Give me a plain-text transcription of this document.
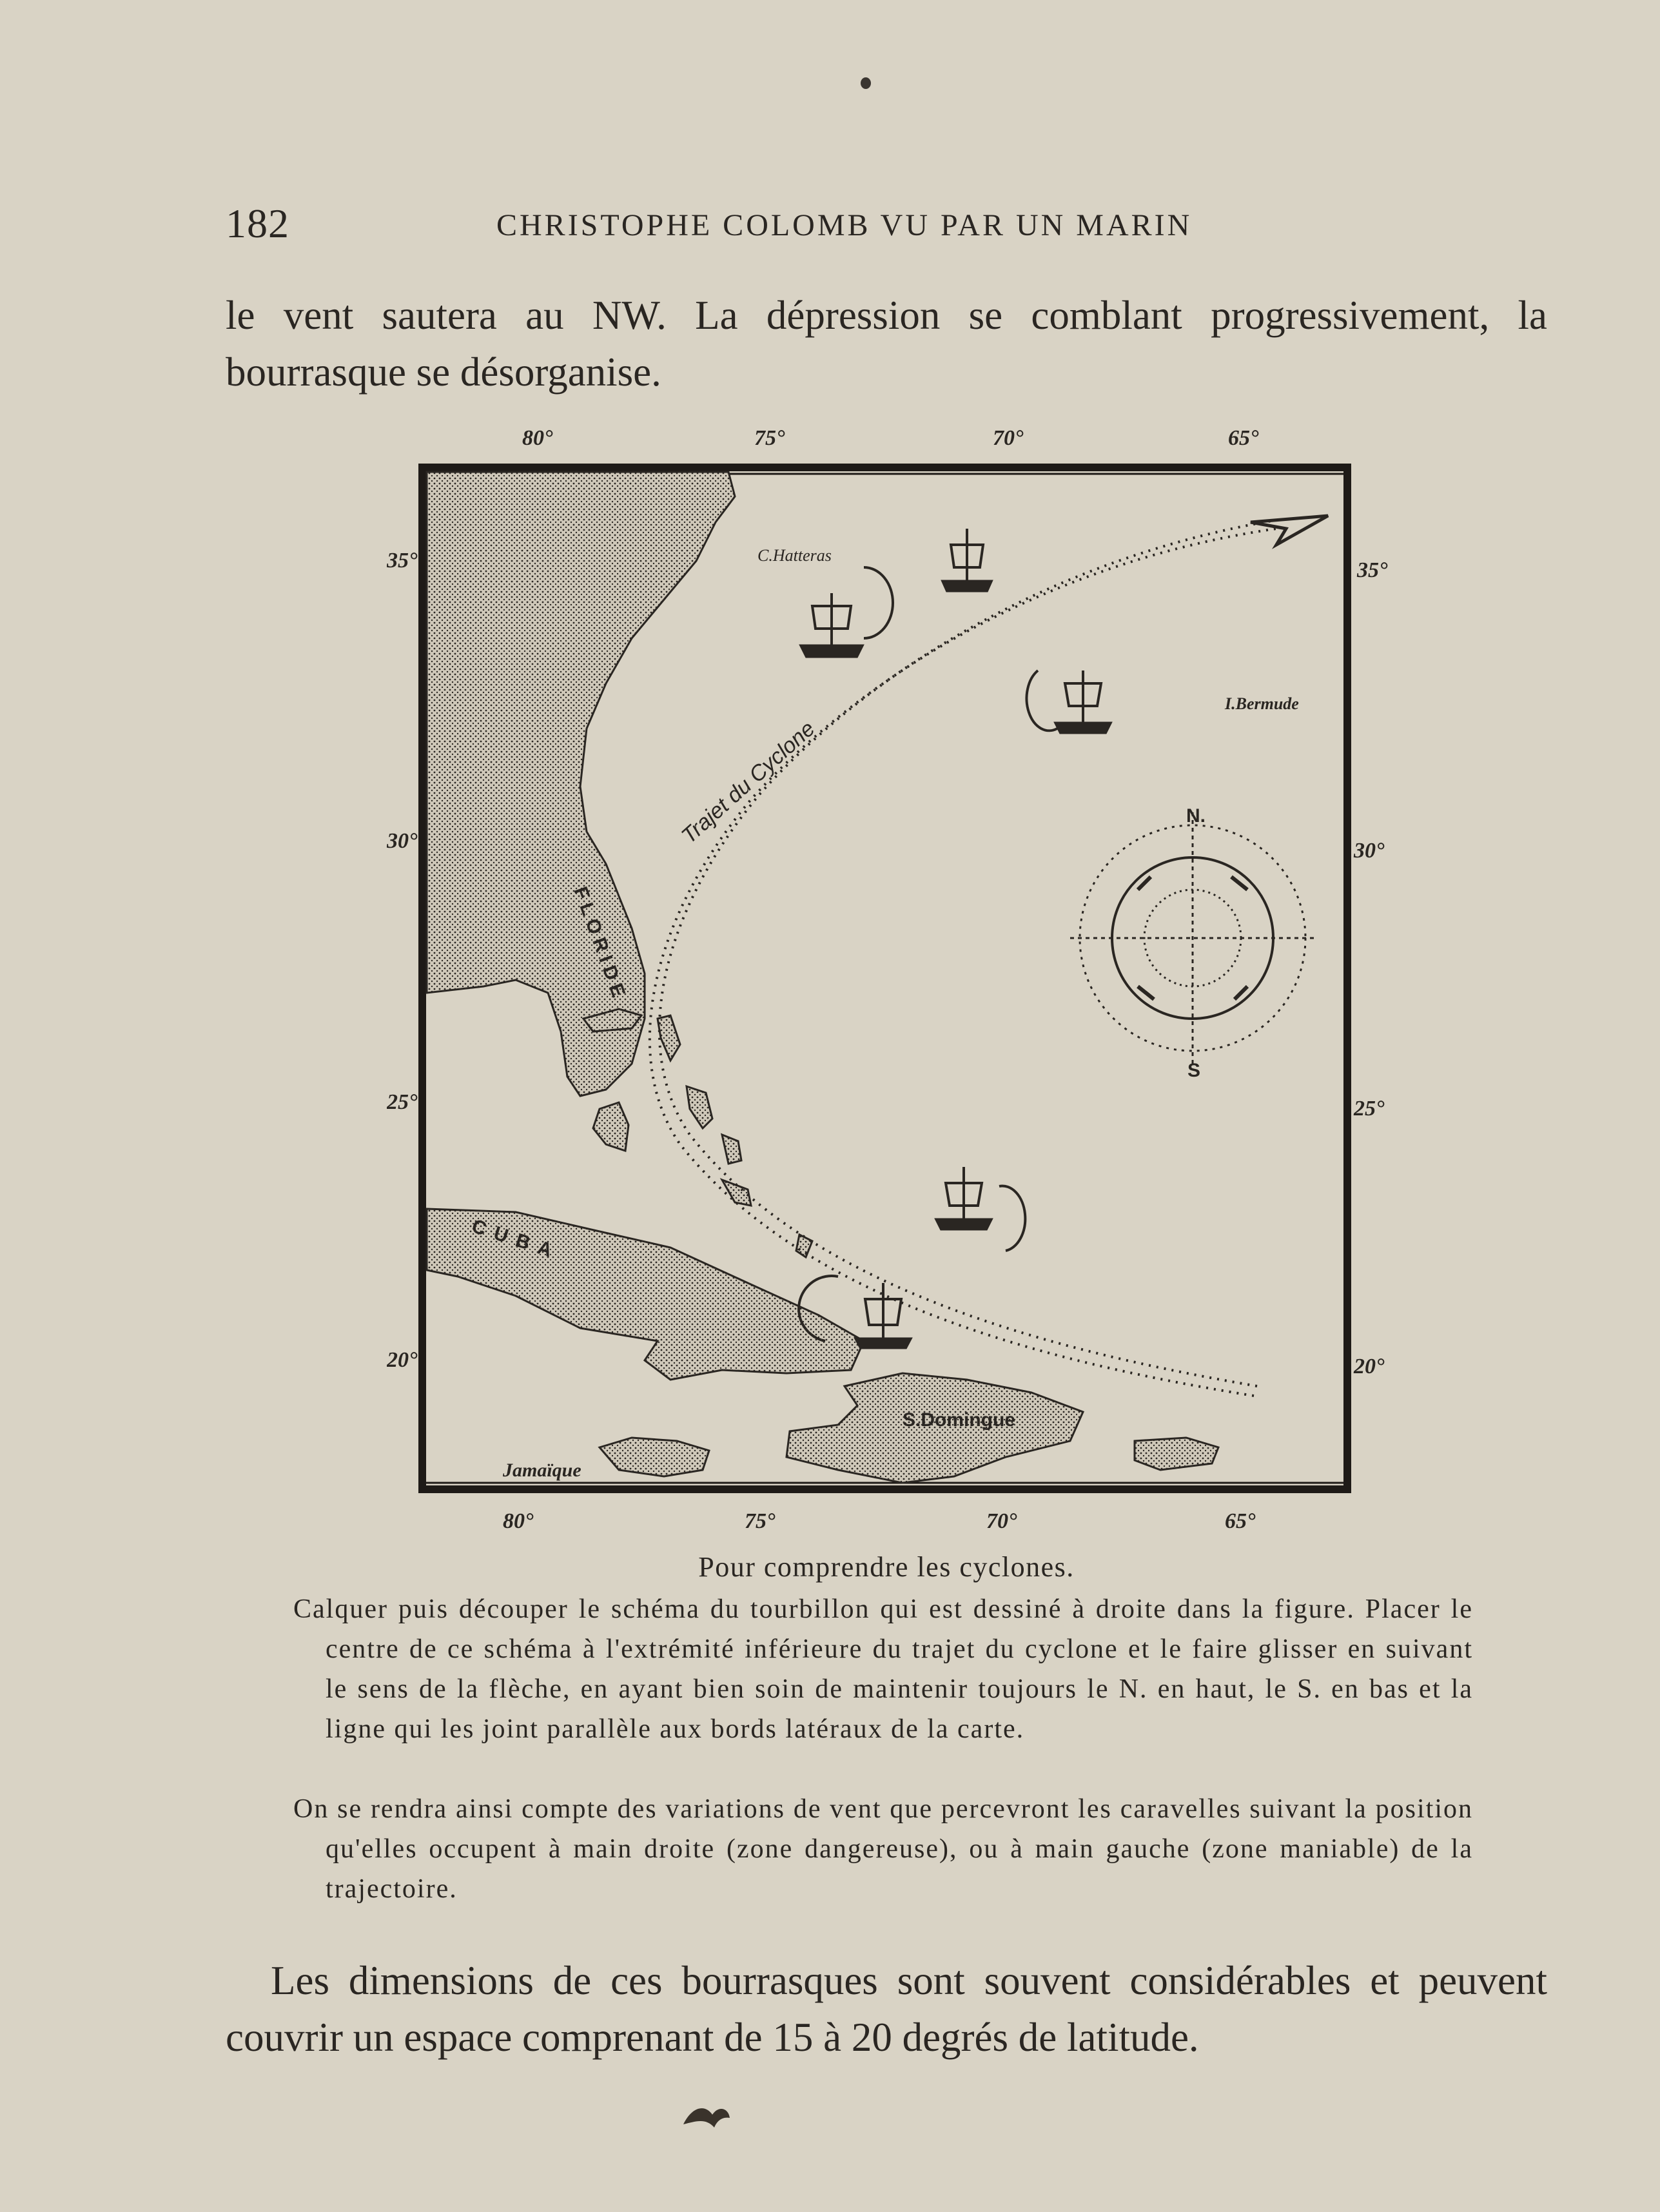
182	CHRISTOPHE COLOMB VU PAR UN MARIN

le vent sautera au NW. La dépression se comblant progressivement, la bourrasque se désorganise.

80°	75°	70°	65°
80°	75°	70°	65°
35°
30°
25°
20°
35°
30°
25°
20°
FLORIDE
CUBA
Jamaïque
S.Domingue
Trajet du Cyclone
C.Hatteras
I.Bermude
N.
S
Pour comprendre les cyclones.

Calquer puis découper le schéma du tourbillon qui est dessiné à droite dans la figure. Placer le centre de ce schéma à l'extrémité inférieure du trajet du cyclone et le faire glisser en suivant le sens de la flèche, en ayant bien soin de maintenir toujours le N. en haut, le S. en bas et la ligne qui les joint parallèle aux bords latéraux de la carte.

On se rendra ainsi compte des variations de vent que percevront les caravelles suivant la position qu'elles occupent à main droite (zone dangereuse), ou à main gauche (zone maniable) de la trajectoire.

Les dimensions de ces bourrasques sont souvent considérables et peuvent couvrir un espace comprenant de 15 à 20 degrés de latitude.
